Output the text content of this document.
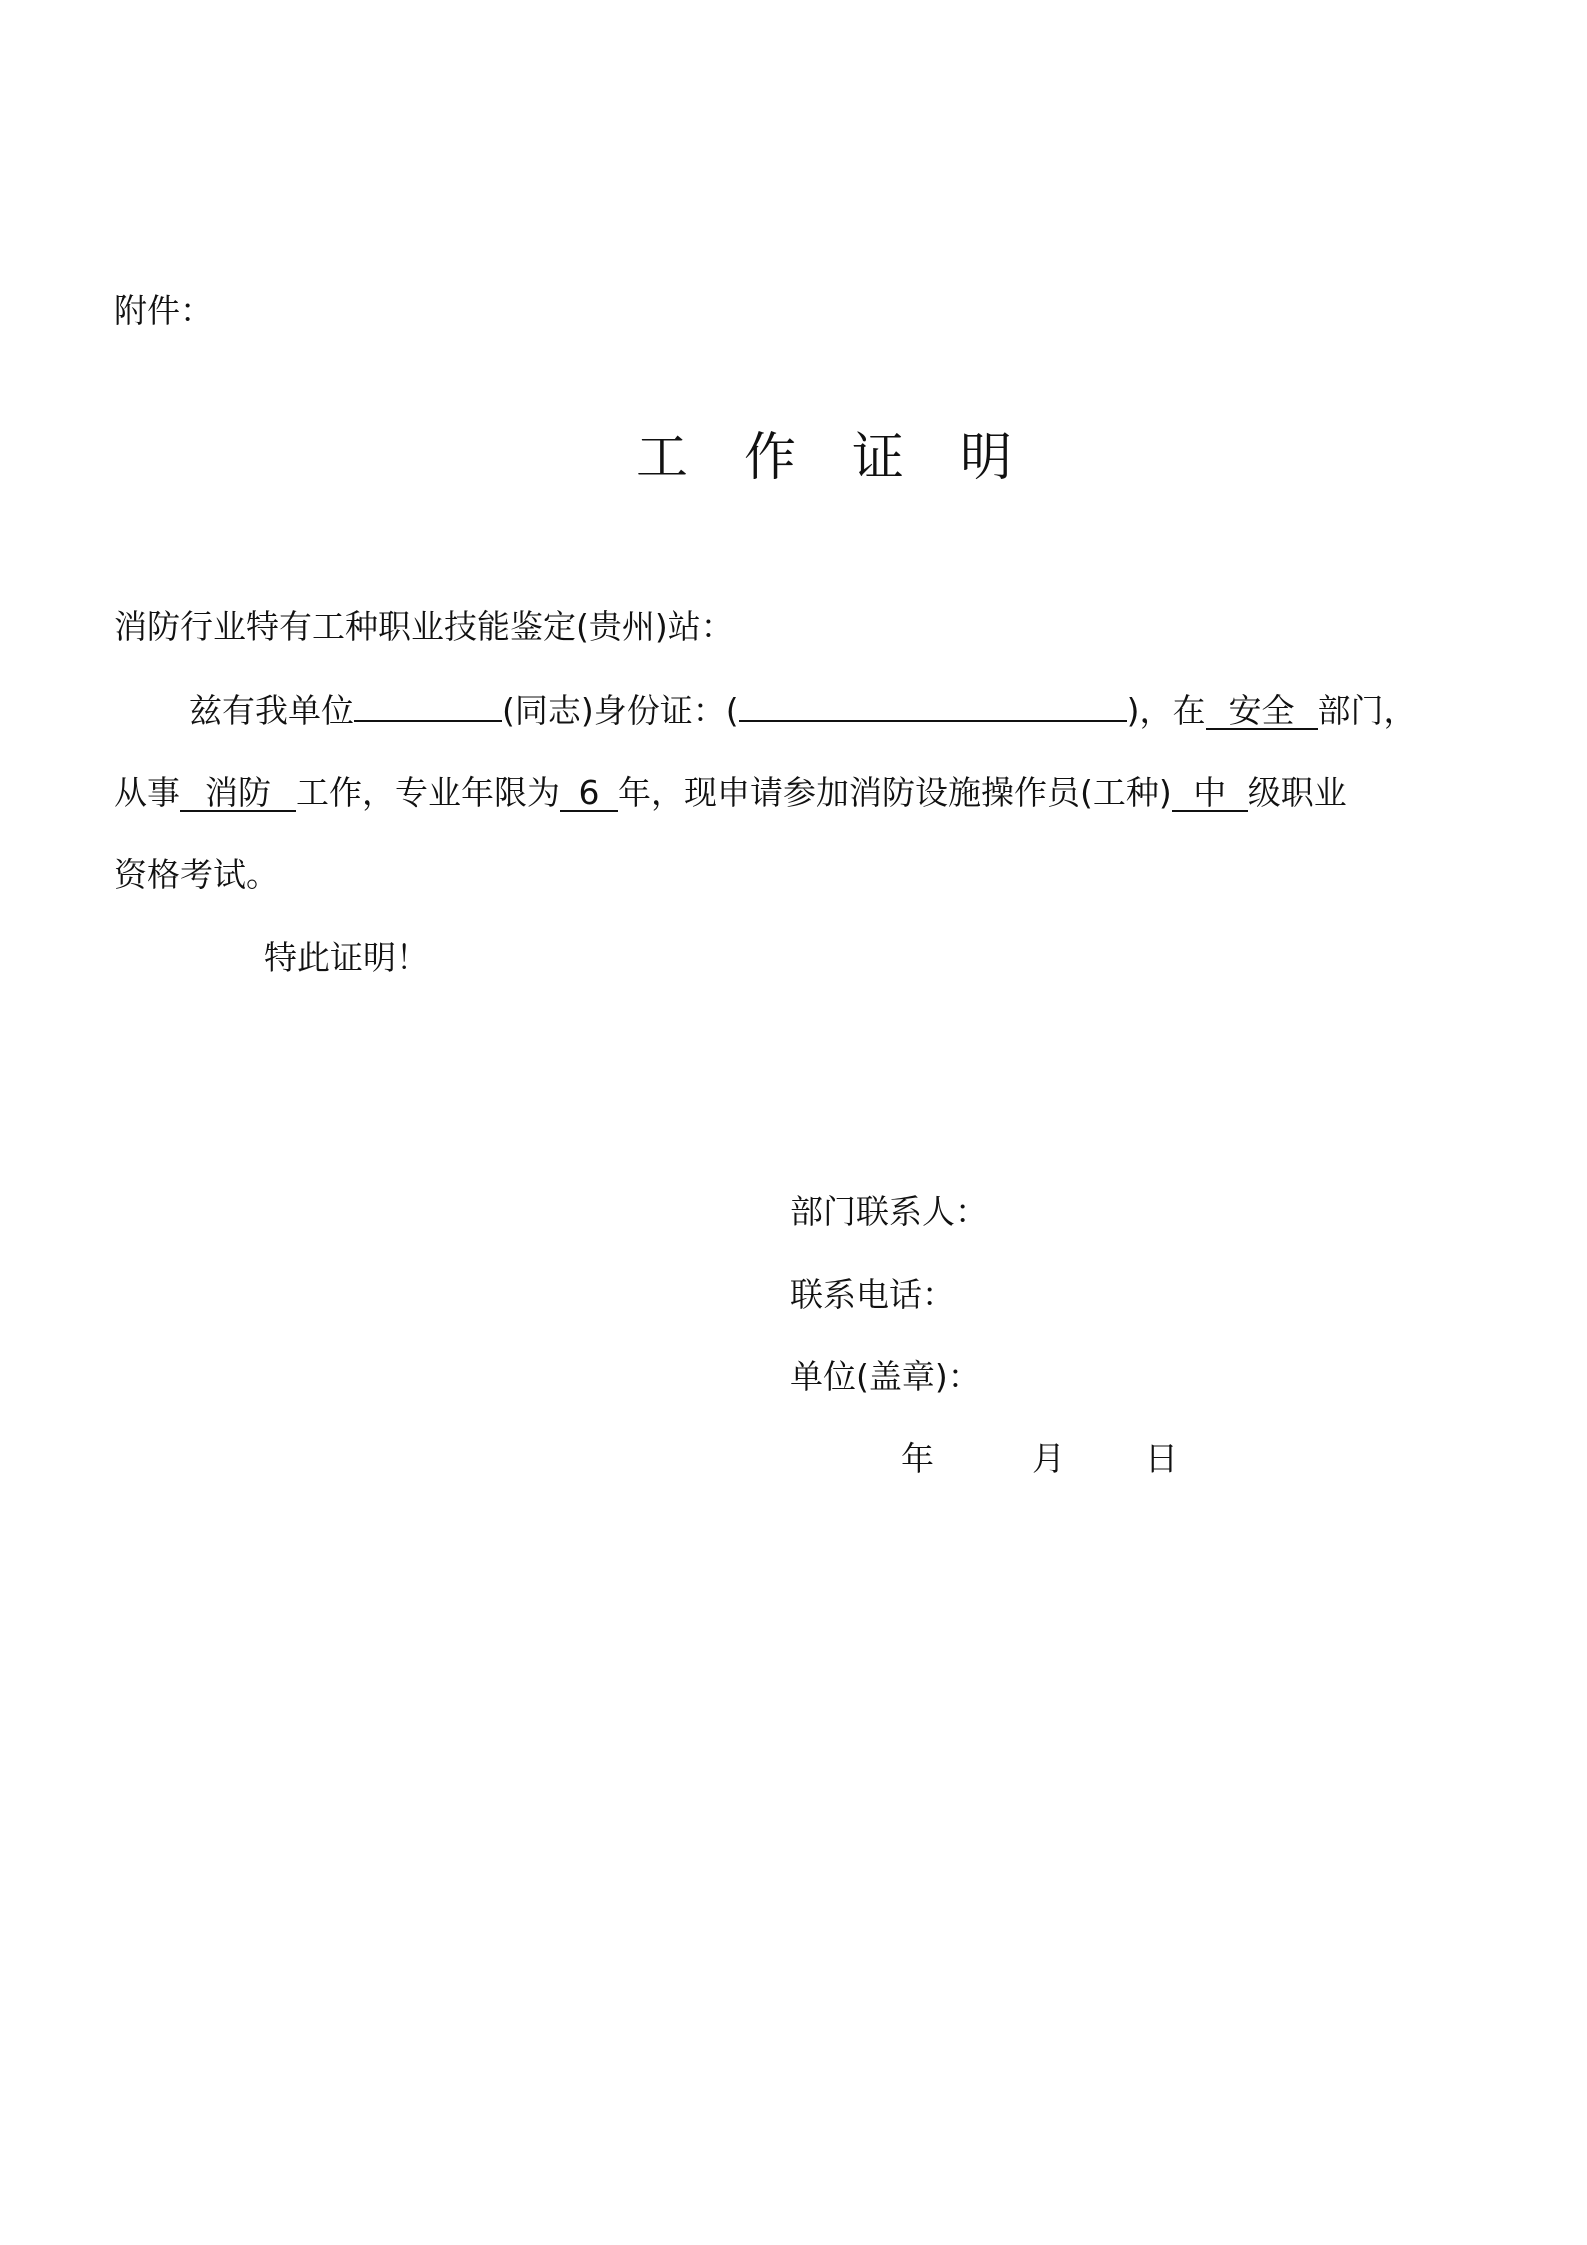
附件：
工 作 证 明
消防行业特有工种职业技能鉴定(贵州)站：
兹有我单位	(同志)身份证：(	)，在 安全 部门，
从事 消防 工作，专业年限为 6 年，现申请参加消防设施操作员(工种) 中 级职业
资格考试。
特此证明！
部门联系人：
联系电话：
单位(盖章)：
年	月 日
